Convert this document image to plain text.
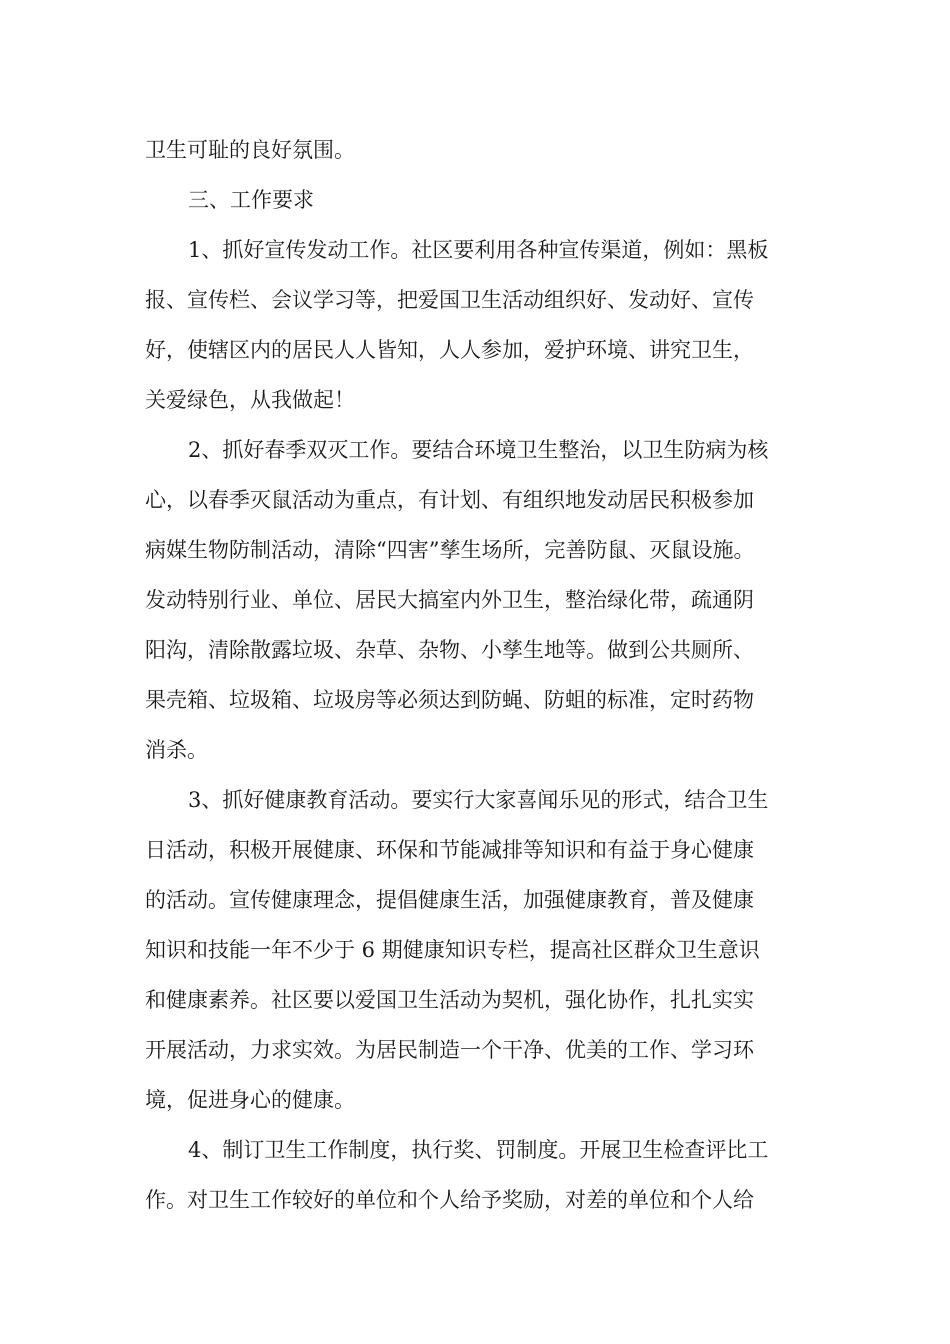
卫生可耻的良好氛围。
三、工作要求
1、抓好宣传发动工作。社区要利用各种宣传渠道，例如：黑板
报、宣传栏、会议学习等，把爱国卫生活动组织好、发动好、宣传
好，使辖区内的居民人人皆知，人人参加，爱护环境、讲究卫生，
关爱绿色，从我做起！
2、抓好春季双灭工作。要结合环境卫生整治，以卫生防病为核
心，以春季灭鼠活动为重点，有计划、有组织地发动居民积极参加
病媒生物防制活动，清除“四害”孳生场所，完善防鼠、灭鼠设施。
发动特别行业、单位、居民大搞室内外卫生，整治绿化带，疏通阴
阳沟，清除散露垃圾、杂草、杂物、小孳生地等。做到公共厕所、
果壳箱、垃圾箱、垃圾房等必须达到防蝇、防蛆的标准，定时药物
消杀。
3、抓好健康教育活动。要实行大家喜闻乐见的形式，结合卫生
日活动，积极开展健康、环保和节能减排等知识和有益于身心健康
的活动。宣传健康理念，提倡健康生活，加强健康教育，普及健康
知识和技能一年不少于 6 期健康知识专栏，提高社区群众卫生意识
和健康素养。社区要以爱国卫生活动为契机，强化协作，扎扎实实
开展活动，力求实效。为居民制造一个干净、优美的工作、学习环
境，促进身心的健康。
4、制订卫生工作制度，执行奖、罚制度。开展卫生检查评比工
作。对卫生工作较好的单位和个人给予奖励，对差的单位和个人给
